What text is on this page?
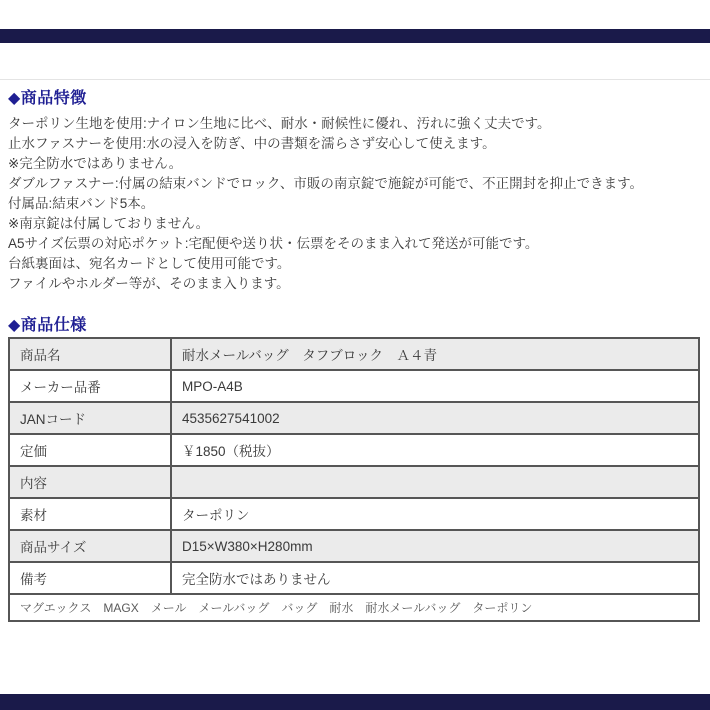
◆商品特徴
ターポリン生地を使用:ナイロン生地に比べ、耐水・耐候性に優れ、汚れに強く丈夫です。
止水ファスナーを使用:水の浸入を防ぎ、中の書類を濡らさず安心して使えます。
※完全防水ではありません。
ダブルファスナー:付属の結束バンドでロック、市販の南京錠で施錠が可能で、不正開封を抑止できます。
付属品:結束バンド5本。
※南京錠は付属しておりません。
A5サイズ伝票の対応ポケット:宅配便や送り状・伝票をそのまま入れて発送が可能です。
台紙裏面は、宛名カードとして使用可能です。
ファイルやホルダー等が、そのまま入ります。
◆商品仕様
商品名	耐水メールバッグ　タフブロック　Ａ４青
メーカー品番	MPO-A4B
JANコード	4535627541002
定価	￥1850（税抜）
内容	
素材	ターポリン
商品サイズ	D15×W380×H280mm
備考	完全防水ではありません
マグエックス　MAGX　メール　メールバッグ　バッグ　耐水　耐水メールバッグ　ターポリン	
